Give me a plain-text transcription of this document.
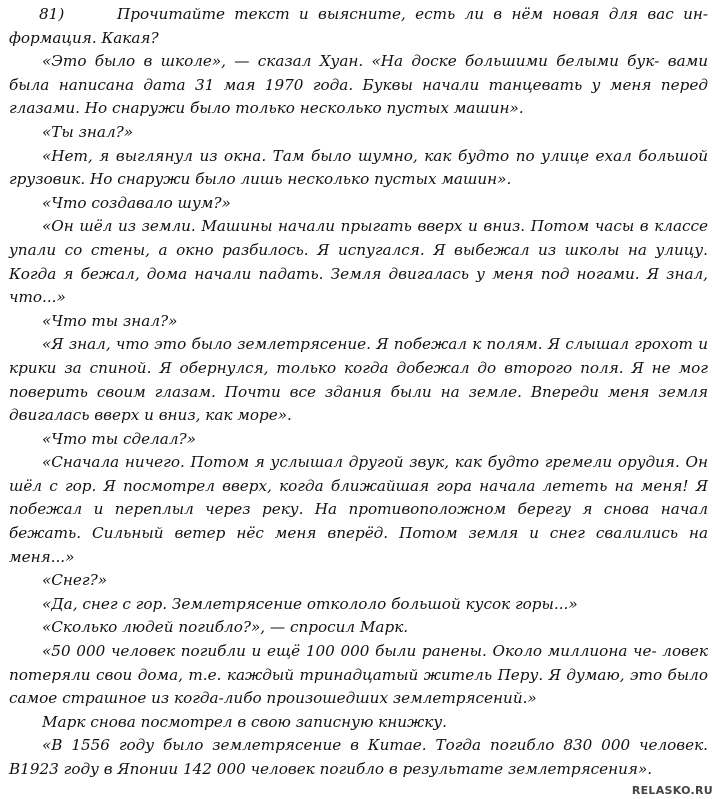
81)	Прочитайте текст и выясните, есть ли в нём новая для вас ин- формация. Какая?

«Это было в школе», — сказал Хуан. «На доске большими белыми бук- вами была написана дата 31 мая 1970 года. Буквы начали танцевать у меня перед глазами. Но снаружи было только несколько пустых машин».

«Ты знал?»

«Нет, я выглянул из окна. Там было шумно, как будто по улице ехал большой грузовик. Но снаружи было лишь несколько пустых машин».

«Что создавало шум?»

«Он шёл из земли. Машины начали прыгать вверх и вниз. Потом часы в классе упали со стены, а окно разбилось. Я испугался. Я выбежал из школы на улицу. Когда я бежал, дома начали падать. Земля двигалась у меня под ногами. Я знал, что...»

«Что ты знал?»

«Я знал, что это было землетрясение. Я побежал к полям. Я слышал грохот и крики за спиной. Я обернулся, только когда добежал до второго поля. Я не мог поверить своим глазам. Почти все здания были на земле. Впереди меня земля двигалась вверх и вниз, как море».

«Что ты сделал?»

«Сначала ничего. Потом я услышал другой звук, как будто гремели орудия. Он шёл с гор. Я посмотрел вверх, когда ближайшая гора начала лететь на меня! Я побежал и переплыл через реку. На противоположном берегу я снова начал бежать. Сильный ветер нёс меня вперёд. Потом земля и снег свалились на меня...»

«Снег?»

«Да, снег с гор. Землетрясение откололо большой кусок горы...»

«Сколько людей погибло?», — спросил Марк.

«50 000 человек погибли и ещё 100 000 были ранены. Около миллиона че- ловек потеряли свои дома, т.е. каждый тринадцатый житель Перу. Я думаю, это было самое страшное из когда-либо произошедших землетрясений.»

Марк снова посмотрел в свою записную книжку.

«В 1556 году было землетрясение в Китае. Тогда погибло 830 000 человек. В1923 году в Японии 142 000 человек погибло в результате землетрясения».

RELASKO.RU
